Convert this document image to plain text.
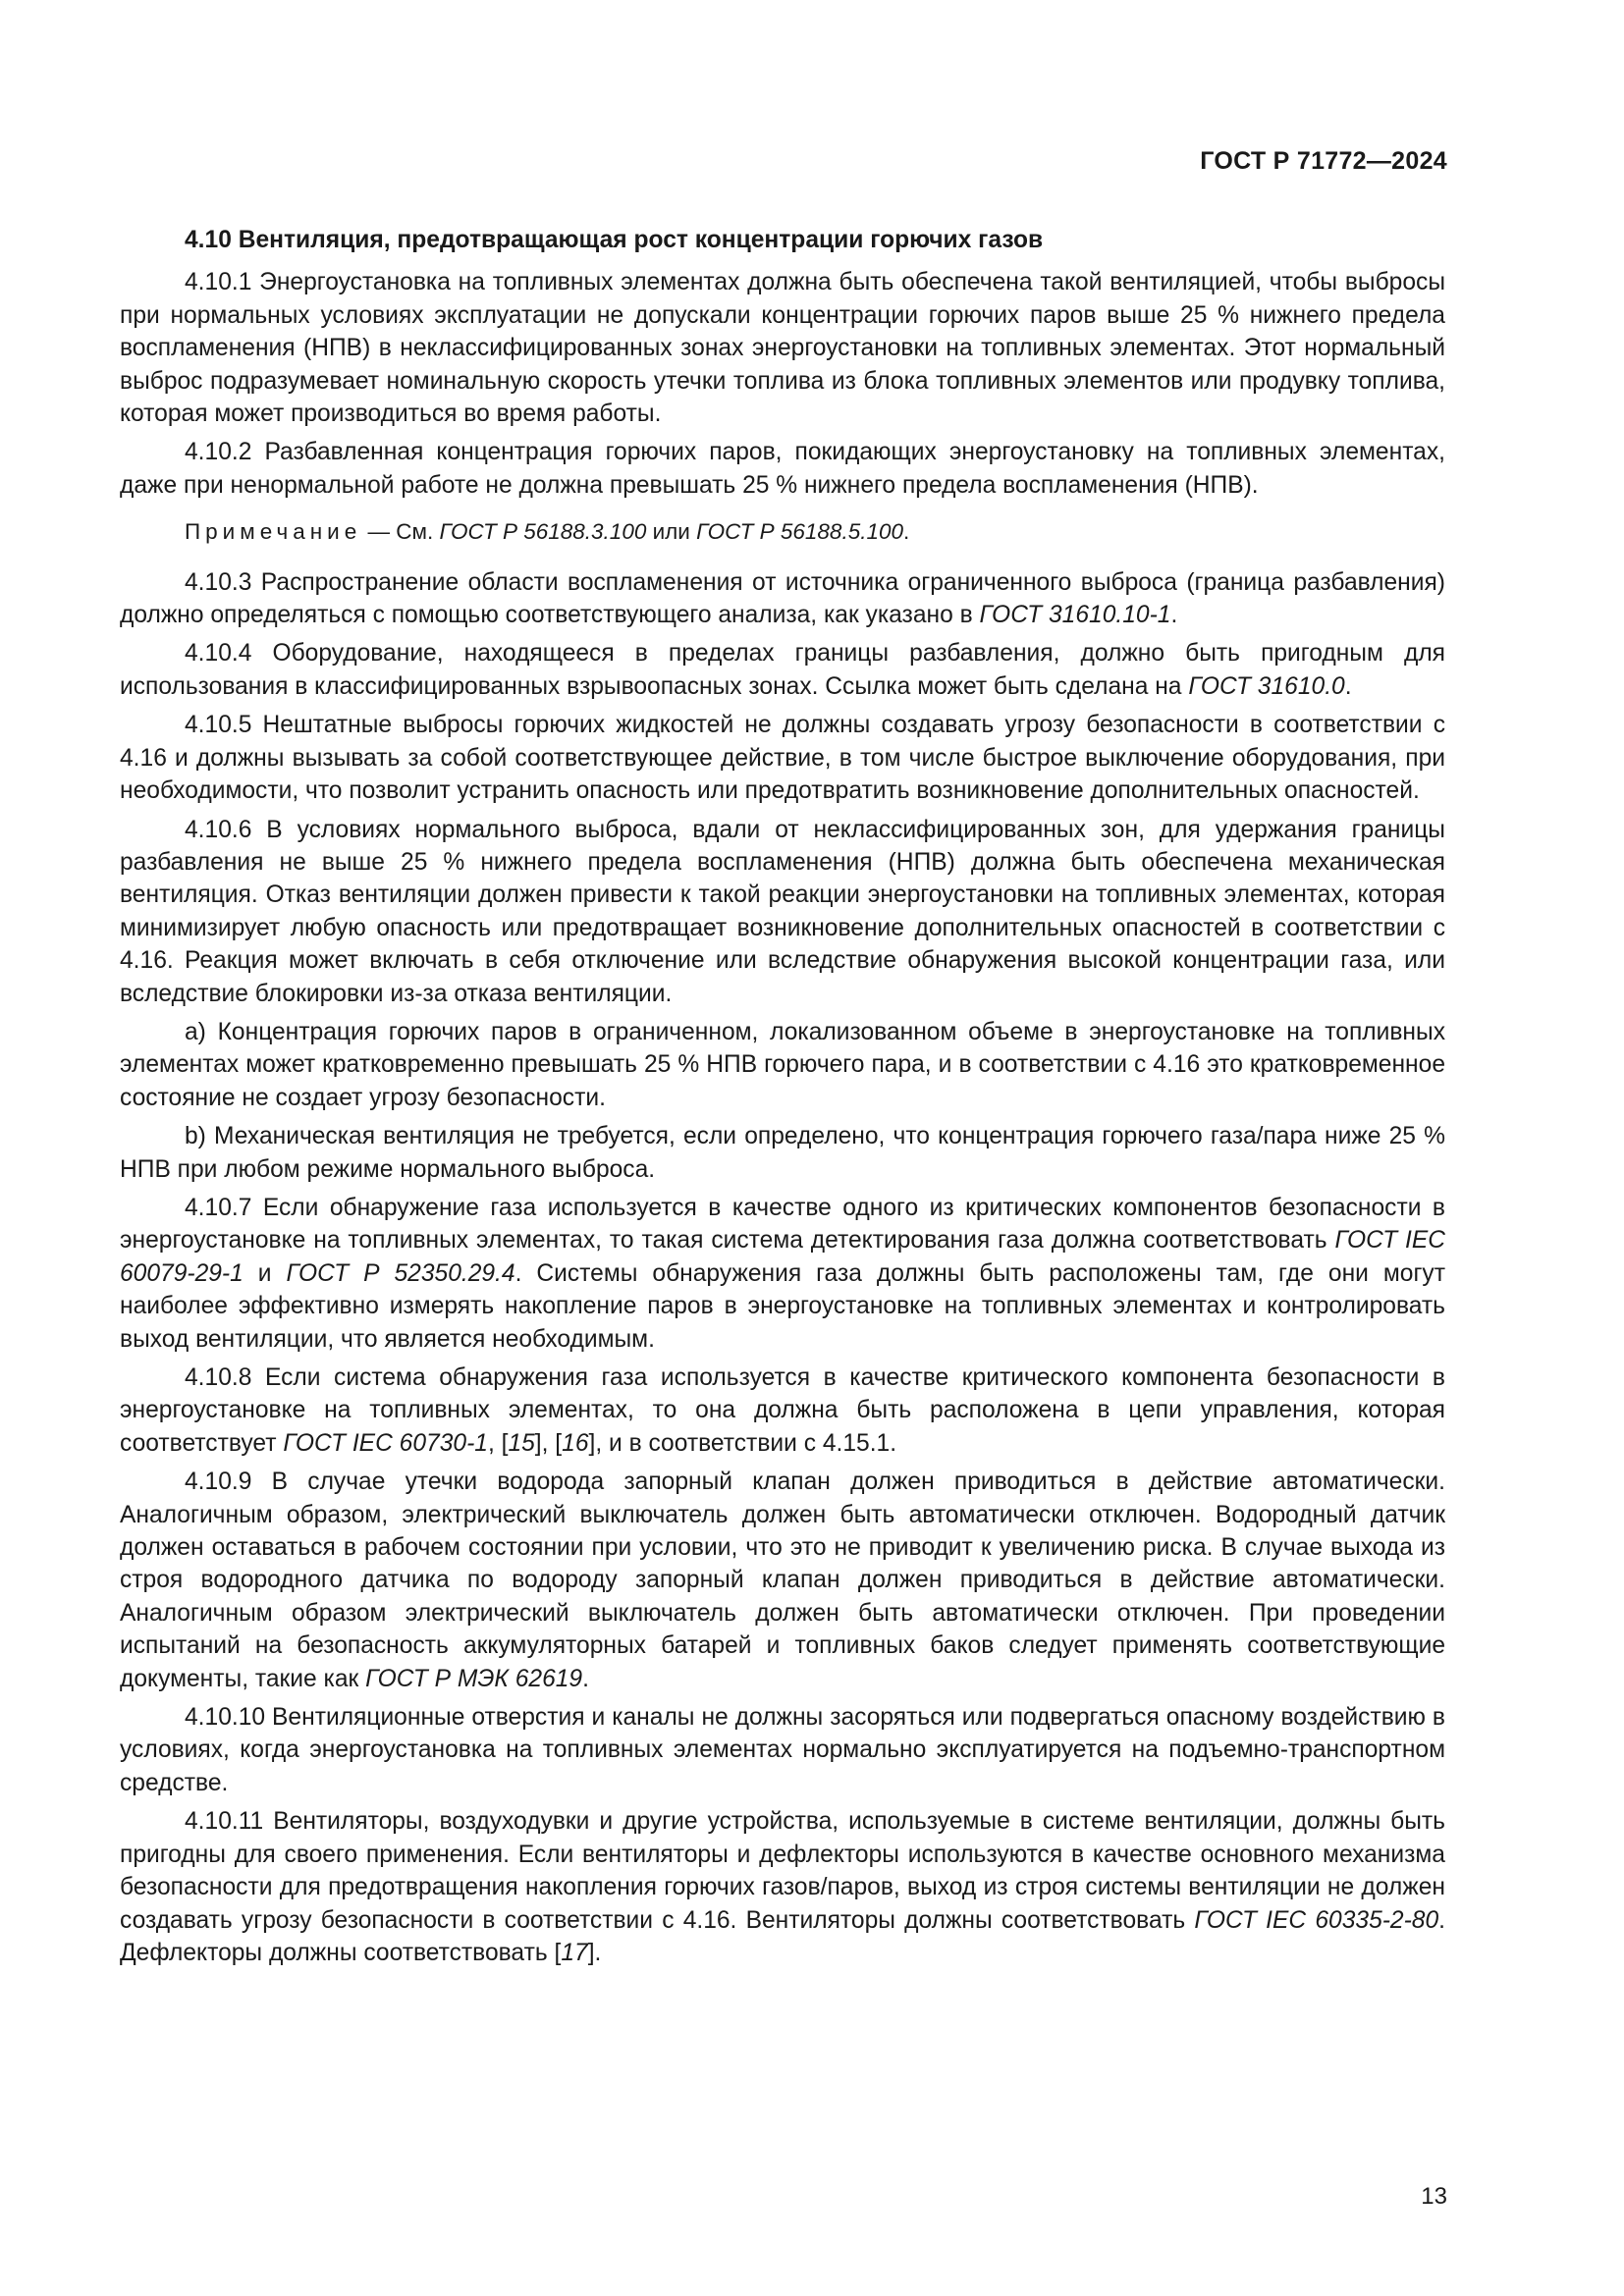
ГОСТ Р 71772—2024
4.10 Вентиляция, предотвращающая рост концентрации горючих газов

4.10.1 Энергоустановка на топливных элементах должна быть обеспечена такой вентиляцией, чтобы выбросы при нормальных условиях эксплуатации не допускали концентрации горючих паров выше 25 % нижнего предела воспламенения (НПВ) в неклассифицированных зонах энергоустановки на топливных элементах. Этот нормальный выброс подразумевает номинальную скорость утечки топлива из блока топливных элементов или продувку топлива, которая может производиться во время работы.

4.10.2 Разбавленная концентрация горючих паров, покидающих энергоустановку на топливных элементах, даже при ненормальной работе не должна превышать 25 % нижнего предела воспламенения (НПВ).

Примечание — См. ГОСТ Р 56188.3.100 или ГОСТ Р 56188.5.100.

4.10.3 Распространение области воспламенения от источника ограниченного выброса (граница разбавления) должно определяться с помощью соответствующего анализа, как указано в ГОСТ 31610.10-1.

4.10.4 Оборудование, находящееся в пределах границы разбавления, должно быть пригодным для использования в классифицированных взрывоопасных зонах. Ссылка может быть сделана на ГОСТ 31610.0.

4.10.5 Нештатные выбросы горючих жидкостей не должны создавать угрозу безопасности в соответствии с 4.16 и должны вызывать за собой соответствующее действие, в том числе быстрое выключение оборудования, при необходимости, что позволит устранить опасность или предотвратить возникновение дополнительных опасностей.

4.10.6 В условиях нормального выброса, вдали от неклассифицированных зон, для удержания границы разбавления не выше 25 % нижнего предела воспламенения (НПВ) должна быть обеспечена механическая вентиляция. Отказ вентиляции должен привести к такой реакции энергоустановки на топливных элементах, которая минимизирует любую опасность или предотвращает возникновение дополнительных опасностей в соответствии с 4.16. Реакция может включать в себя отключение или вследствие обнаружения высокой концентрации газа, или вследствие блокировки из-за отказа вентиляции.

a) Концентрация горючих паров в ограниченном, локализованном объеме в энергоустановке на топливных элементах может кратковременно превышать 25 % НПВ горючего пара, и в соответствии с 4.16 это кратковременное состояние не создает угрозу безопасности.

b) Механическая вентиляция не требуется, если определено, что концентрация горючего газа/пара ниже 25 % НПВ при любом режиме нормального выброса.

4.10.7 Если обнаружение газа используется в качестве одного из критических компонентов безопасности в энергоустановке на топливных элементах, то такая система детектирования газа должна соответствовать ГОСТ IEC 60079-29-1 и ГОСТ Р 52350.29.4. Системы обнаружения газа должны быть расположены там, где они могут наиболее эффективно измерять накопление паров в энергоустановке на топливных элементах и контролировать выход вентиляции, что является необходимым.

4.10.8 Если система обнаружения газа используется в качестве критического компонента безопасности в энергоустановке на топливных элементах, то она должна быть расположена в цепи управления, которая соответствует ГОСТ IEC 60730-1, [15], [16], и в соответствии с 4.15.1.

4.10.9 В случае утечки водорода запорный клапан должен приводиться в действие автоматически. Аналогичным образом, электрический выключатель должен быть автоматически отключен. Водородный датчик должен оставаться в рабочем состоянии при условии, что это не приводит к увеличению риска. В случае выхода из строя водородного датчика по водороду запорный клапан должен приводиться в действие автоматически. Аналогичным образом электрический выключатель должен быть автоматически отключен. При проведении испытаний на безопасность аккумуляторных батарей и топливных баков следует применять соответствующие документы, такие как ГОСТ Р МЭК 62619.

4.10.10 Вентиляционные отверстия и каналы не должны засоряться или подвергаться опасному воздействию в условиях, когда энергоустановка на топливных элементах нормально эксплуатируется на подъемно-транспортном средстве.

4.10.11 Вентиляторы, воздуходувки и другие устройства, используемые в системе вентиляции, должны быть пригодны для своего применения. Если вентиляторы и дефлекторы используются в качестве основного механизма безопасности для предотвращения накопления горючих газов/паров, выход из строя системы вентиляции не должен создавать угрозу безопасности в соответствии с 4.16. Вентиляторы должны соответствовать ГОСТ IEC 60335-2-80. Дефлекторы должны соответствовать [17].

13
